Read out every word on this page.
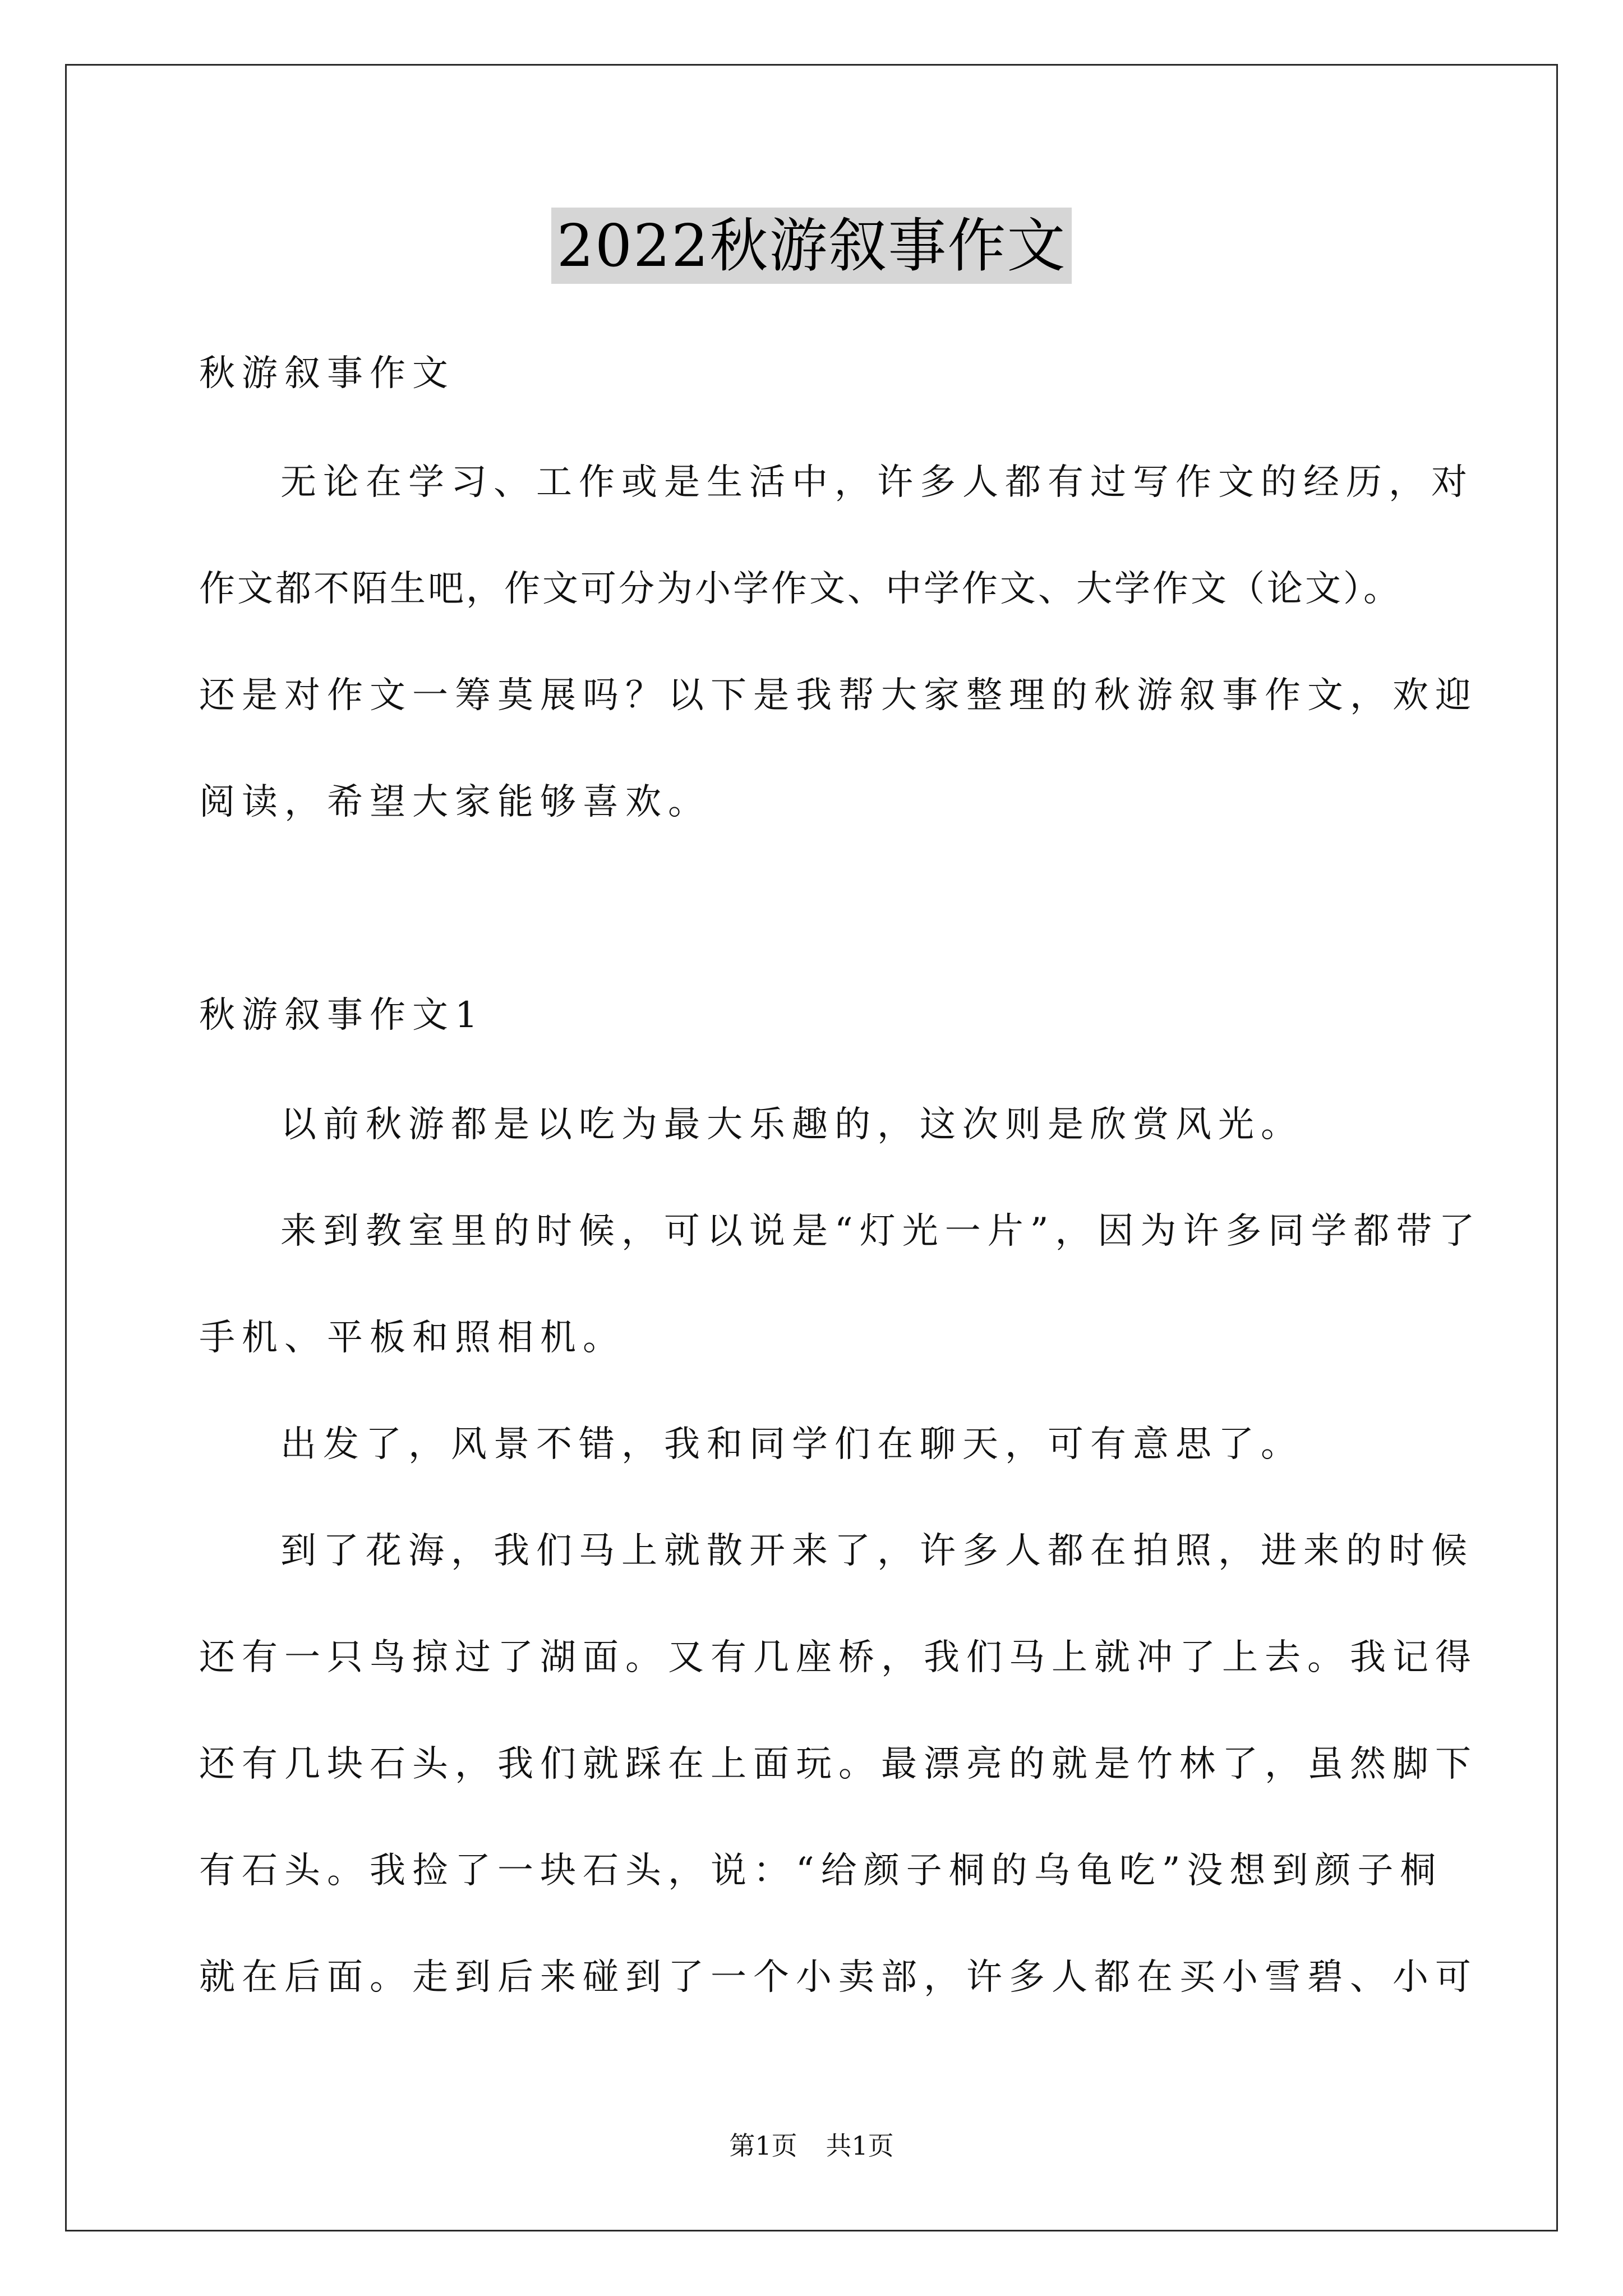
2022秋游叙事作文
秋游叙事作文
无论在学习、工作或是生活中，许多人都有过写作文的经历，对
作文都不陌生吧，作文可分为小学作文、中学作文、大学作文（论文）。
还是对作文一筹莫展吗？以下是我帮大家整理的秋游叙事作文，欢迎
阅读，希望大家能够喜欢。
秋游叙事作文1
以前秋游都是以吃为最大乐趣的，这次则是欣赏风光。
来到教室里的时候，可以说是“灯光一片”，因为许多同学都带了
手机、平板和照相机。
出发了，风景不错，我和同学们在聊天，可有意思了。
到了花海，我们马上就散开来了，许多人都在拍照，进来的时候
还有一只鸟掠过了湖面。又有几座桥，我们马上就冲了上去。我记得
还有几块石头，我们就踩在上面玩。最漂亮的就是竹林了，虽然脚下
有石头。我捡了一块石头，说：“给颜子桐的乌龟吃”没想到颜子桐
就在后面。走到后来碰到了一个小卖部，许多人都在买小雪碧、小可
第1页 共1页
